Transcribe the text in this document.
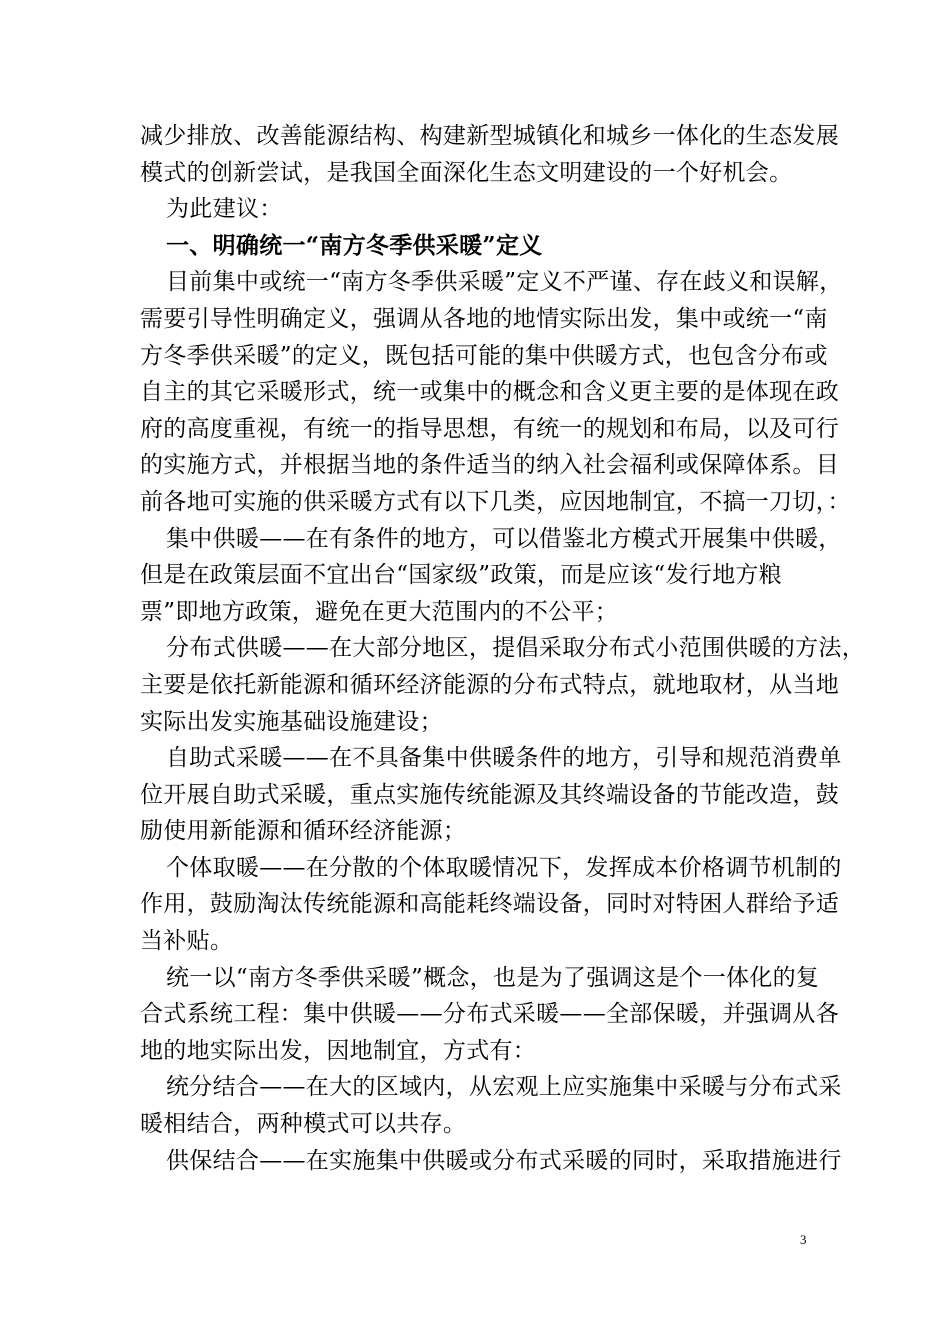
减少排放、改善能源结构、构建新型城镇化和城乡一体化的生态发展
模式的创新尝试，是我国全面深化生态文明建设的一个好机会。
为此建议：
一、明确统一“南方冬季供采暖”定义
目前集中或统一“南方冬季供采暖”定义不严谨、存在歧义和误解，
需要引导性明确定义，强调从各地的地情实际出发，集中或统一“南
方冬季供采暖”的定义，既包括可能的集中供暖方式，也包含分布或
自主的其它采暖形式，统一或集中的概念和含义更主要的是体现在政
府的高度重视，有统一的指导思想，有统一的规划和布局，以及可行
的实施方式，并根据当地的条件适当的纳入社会福利或保障体系。目
前各地可实施的供采暖方式有以下几类，应因地制宜，不搞一刀切，：
集中供暖——在有条件的地方，可以借鉴北方模式开展集中供暖，
但是在政策层面不宜出台“国家级”政策，而是应该“发行地方粮
票”即地方政策，避免在更大范围内的不公平；
分布式供暖——在大部分地区，提倡采取分布式小范围供暖的方法，
主要是依托新能源和循环经济能源的分布式特点，就地取材，从当地
实际出发实施基础设施建设；
自助式采暖——在不具备集中供暖条件的地方，引导和规范消费单
位开展自助式采暖，重点实施传统能源及其终端设备的节能改造，鼓
励使用新能源和循环经济能源；
个体取暖——在分散的个体取暖情况下，发挥成本价格调节机制的
作用，鼓励淘汰传统能源和高能耗终端设备，同时对特困人群给予适
当补贴。
统一以“南方冬季供采暖”概念，也是为了强调这是个一体化的复
合式系统工程：集中供暖——分布式采暖——全部保暖，并强调从各
地的地实际出发，因地制宜，方式有：
统分结合——在大的区域内，从宏观上应实施集中采暖与分布式采
暖相结合，两种模式可以共存。
供保结合——在实施集中供暖或分布式采暖的同时，采取措施进行
3
